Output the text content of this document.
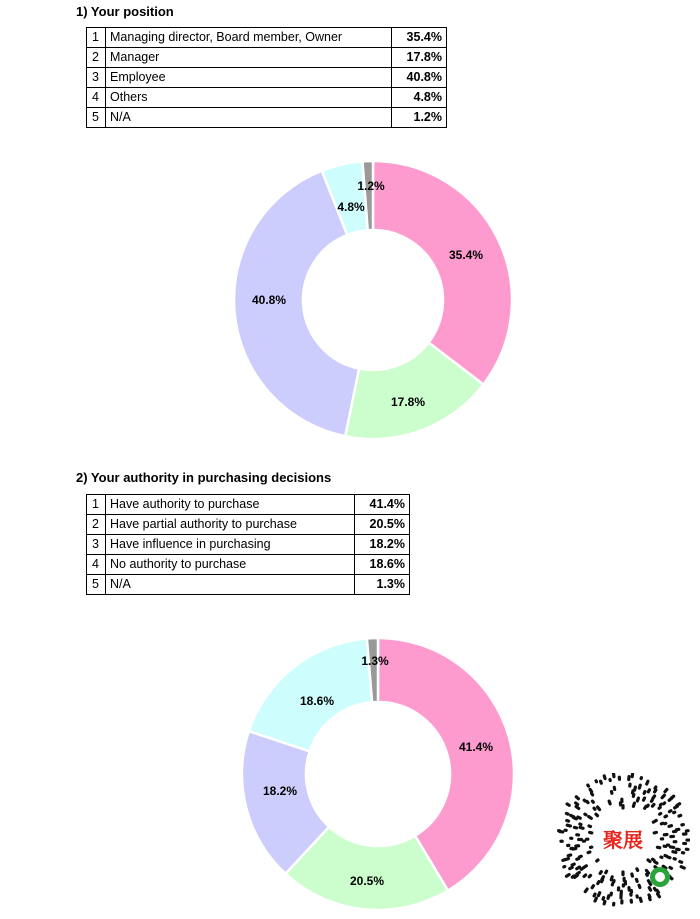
1) Your position
1	Managing director, Board member, Owner	35.4%
2	Manager	17.8%
3	Employee	40.8%
4	Others	4.8%
5	N/A	1.2%
35.4%
17.8%
40.8%
4.8%
1.2%
2) Your authority in purchasing decisions
1	Have authority to purchase	41.4%
2	Have partial authority to purchase	20.5%
3	Have influence in purchasing	18.2%
4	No authority to purchase	18.6%
5	N/A	1.3%
41.4%
20.5%
18.2%
18.6%
1.3%
聚展
